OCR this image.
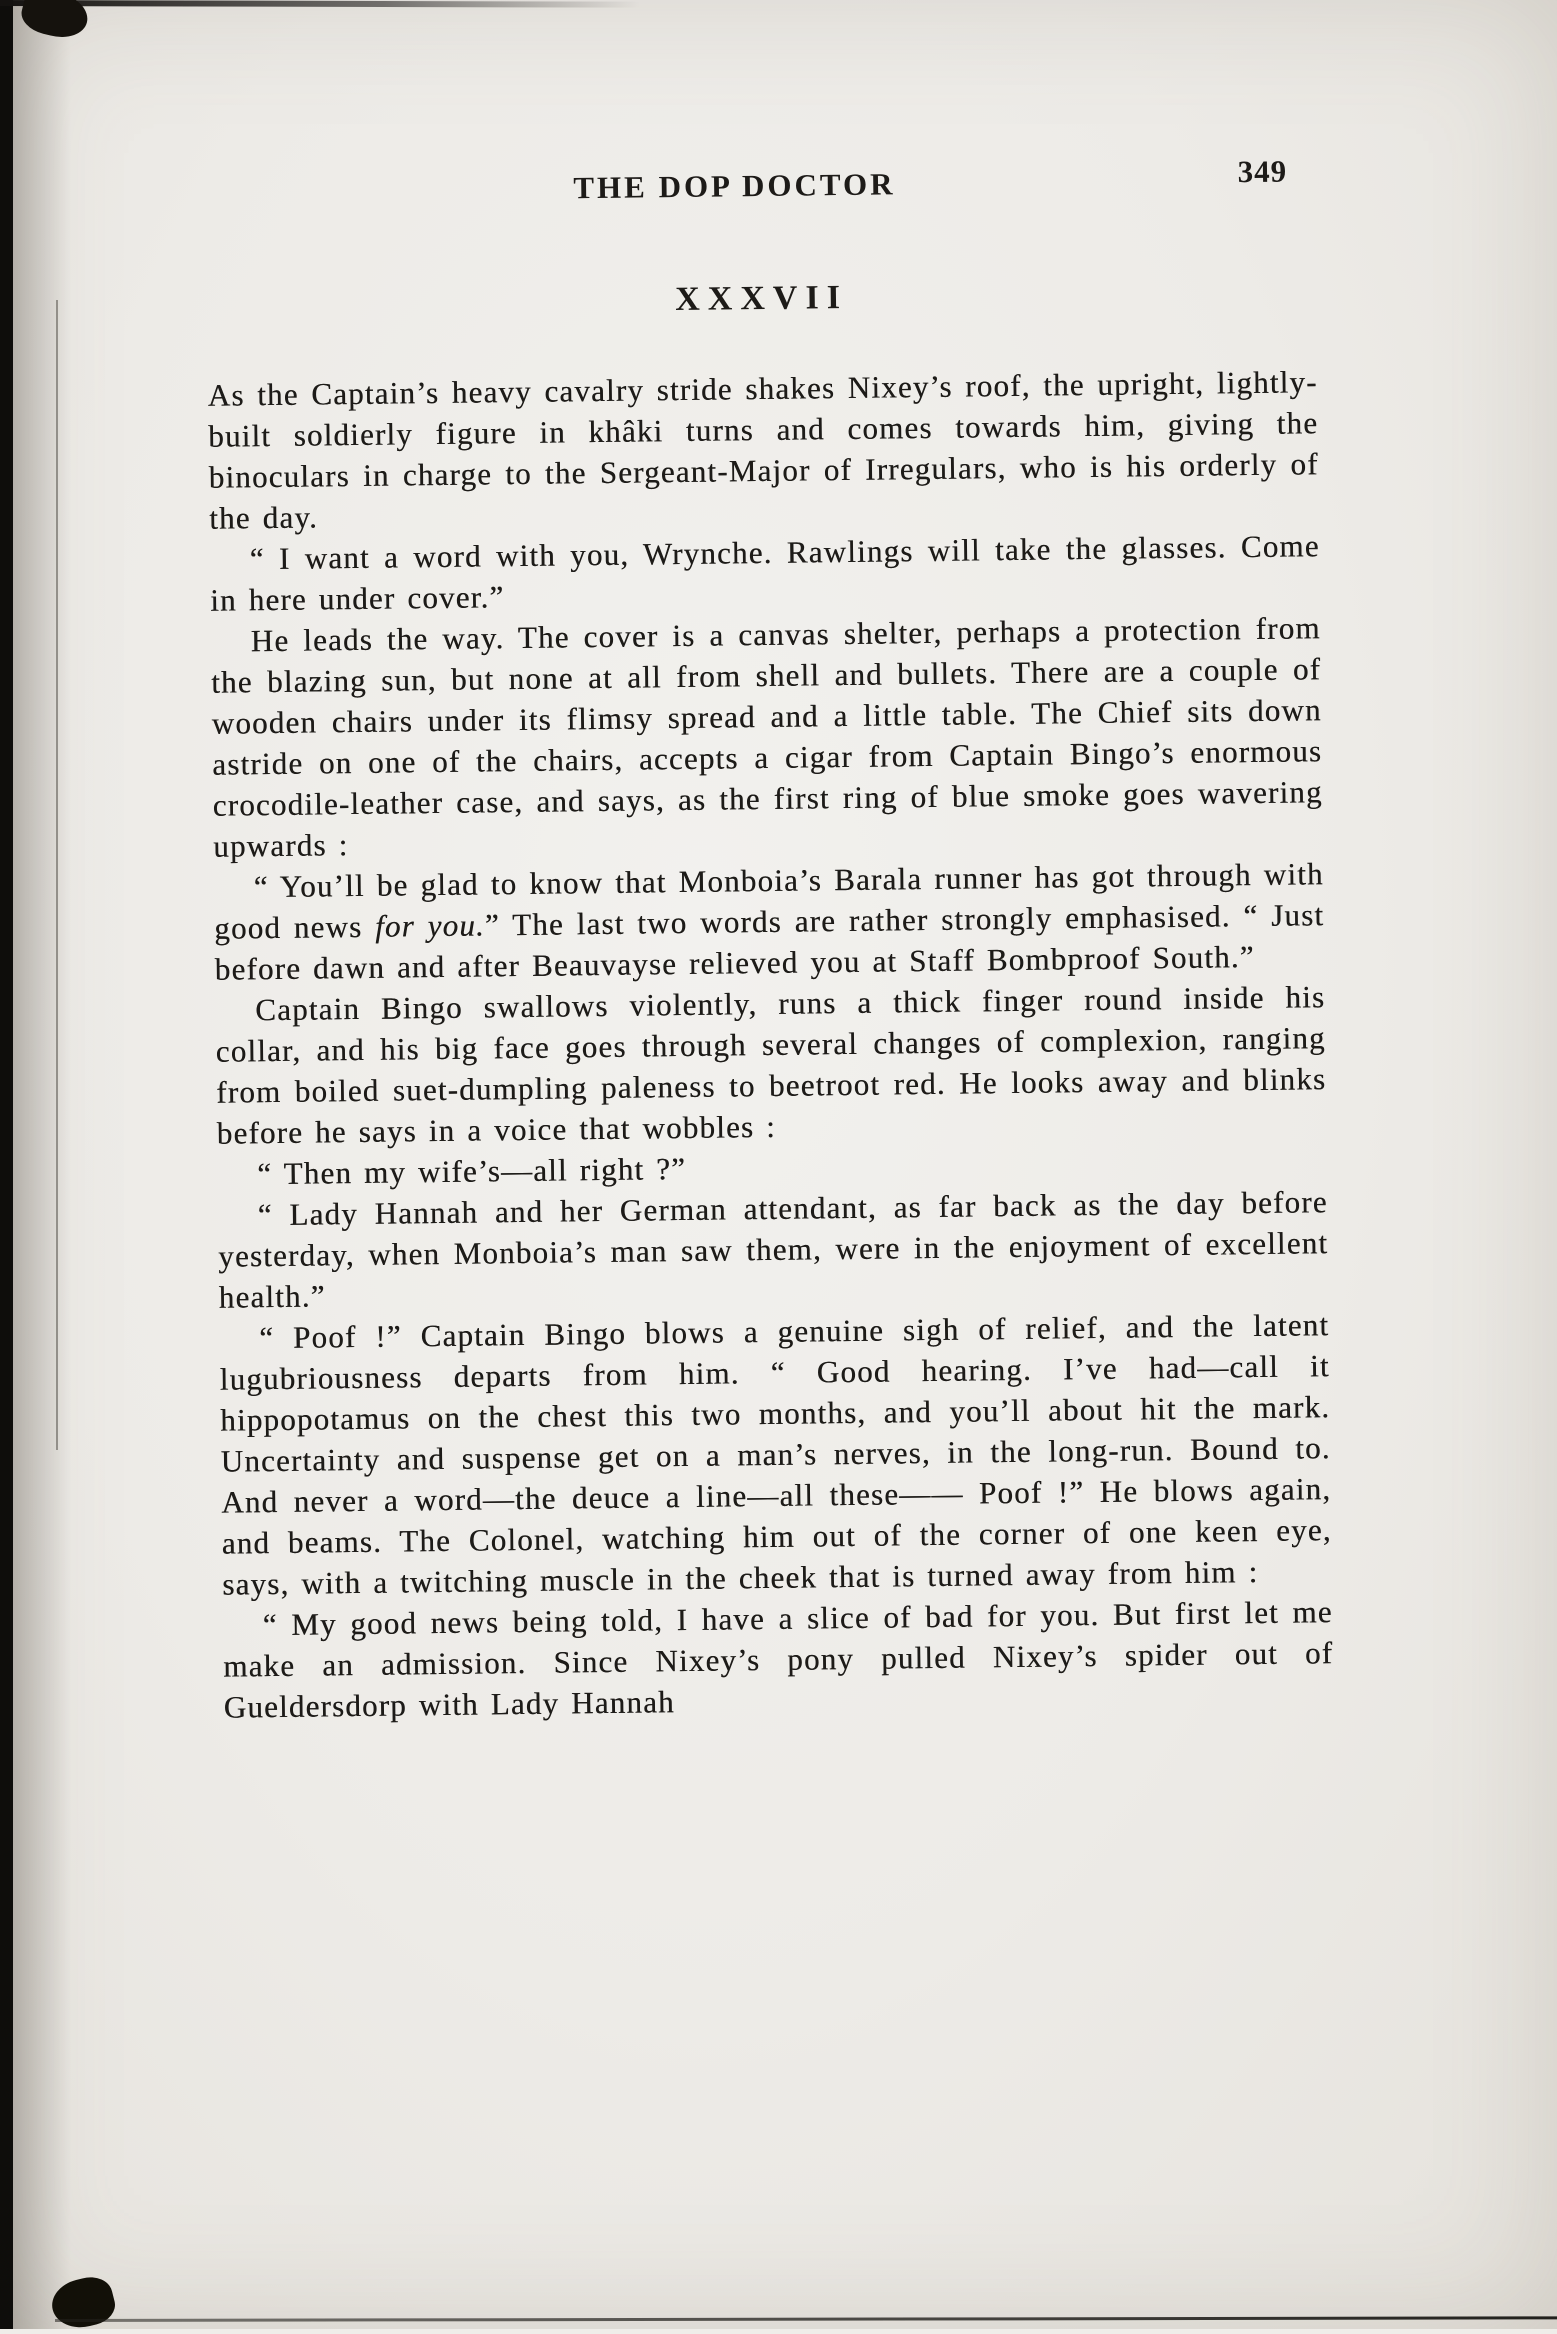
THE DOP DOCTOR	349
XXXVII

As the Captain’s heavy cavalry stride shakes Nixey’s roof, the upright, lightly-built soldierly figure in khâki turns and comes towards him, giving the binoculars in charge to the Sergeant-Major of Irregulars, who is his orderly of the day.

“ I want a word with you, Wrynche. Rawlings will take the glasses. Come in here under cover.”

He leads the way. The cover is a canvas shelter, perhaps a protection from the blazing sun, but none at all from shell and bullets. There are a couple of wooden chairs under its flimsy spread and a little table. The Chief sits down astride on one of the chairs, accepts a cigar from Captain Bingo’s enormous crocodile-leather case, and says, as the first ring of blue smoke goes wavering upwards :

“ You’ll be glad to know that Monboia’s Barala runner has got through with good news for you.” The last two words are rather strongly emphasised. “ Just before dawn and after Beauvayse relieved you at Staff Bombproof South.”

Captain Bingo swallows violently, runs a thick finger round inside his collar, and his big face goes through several changes of complexion, ranging from boiled suet-dumpling paleness to beetroot red. He looks away and blinks before he says in a voice that wobbles :

“ Then my wife’s—all right ?”

“ Lady Hannah and her German attendant, as far back as the day before yesterday, when Monboia’s man saw them, were in the enjoyment of excellent health.”

“ Poof !” Captain Bingo blows a genuine sigh of relief, and the latent lugubriousness departs from him. “ Good hearing. I’ve had—call it hippopotamus on the chest this two months, and you’ll about hit the mark. Uncertainty and suspense get on a man’s nerves, in the long-run. Bound to. And never a word—the deuce a line—all these—— Poof !” He blows again, and beams. The Colonel, watching him out of the corner of one keen eye, says, with a twitching muscle in the cheek that is turned away from him :

“ My good news being told, I have a slice of bad for you. But first let me make an admission. Since Nixey’s pony pulled Nixey’s spider out of Gueldersdorp with Lady Hannah
